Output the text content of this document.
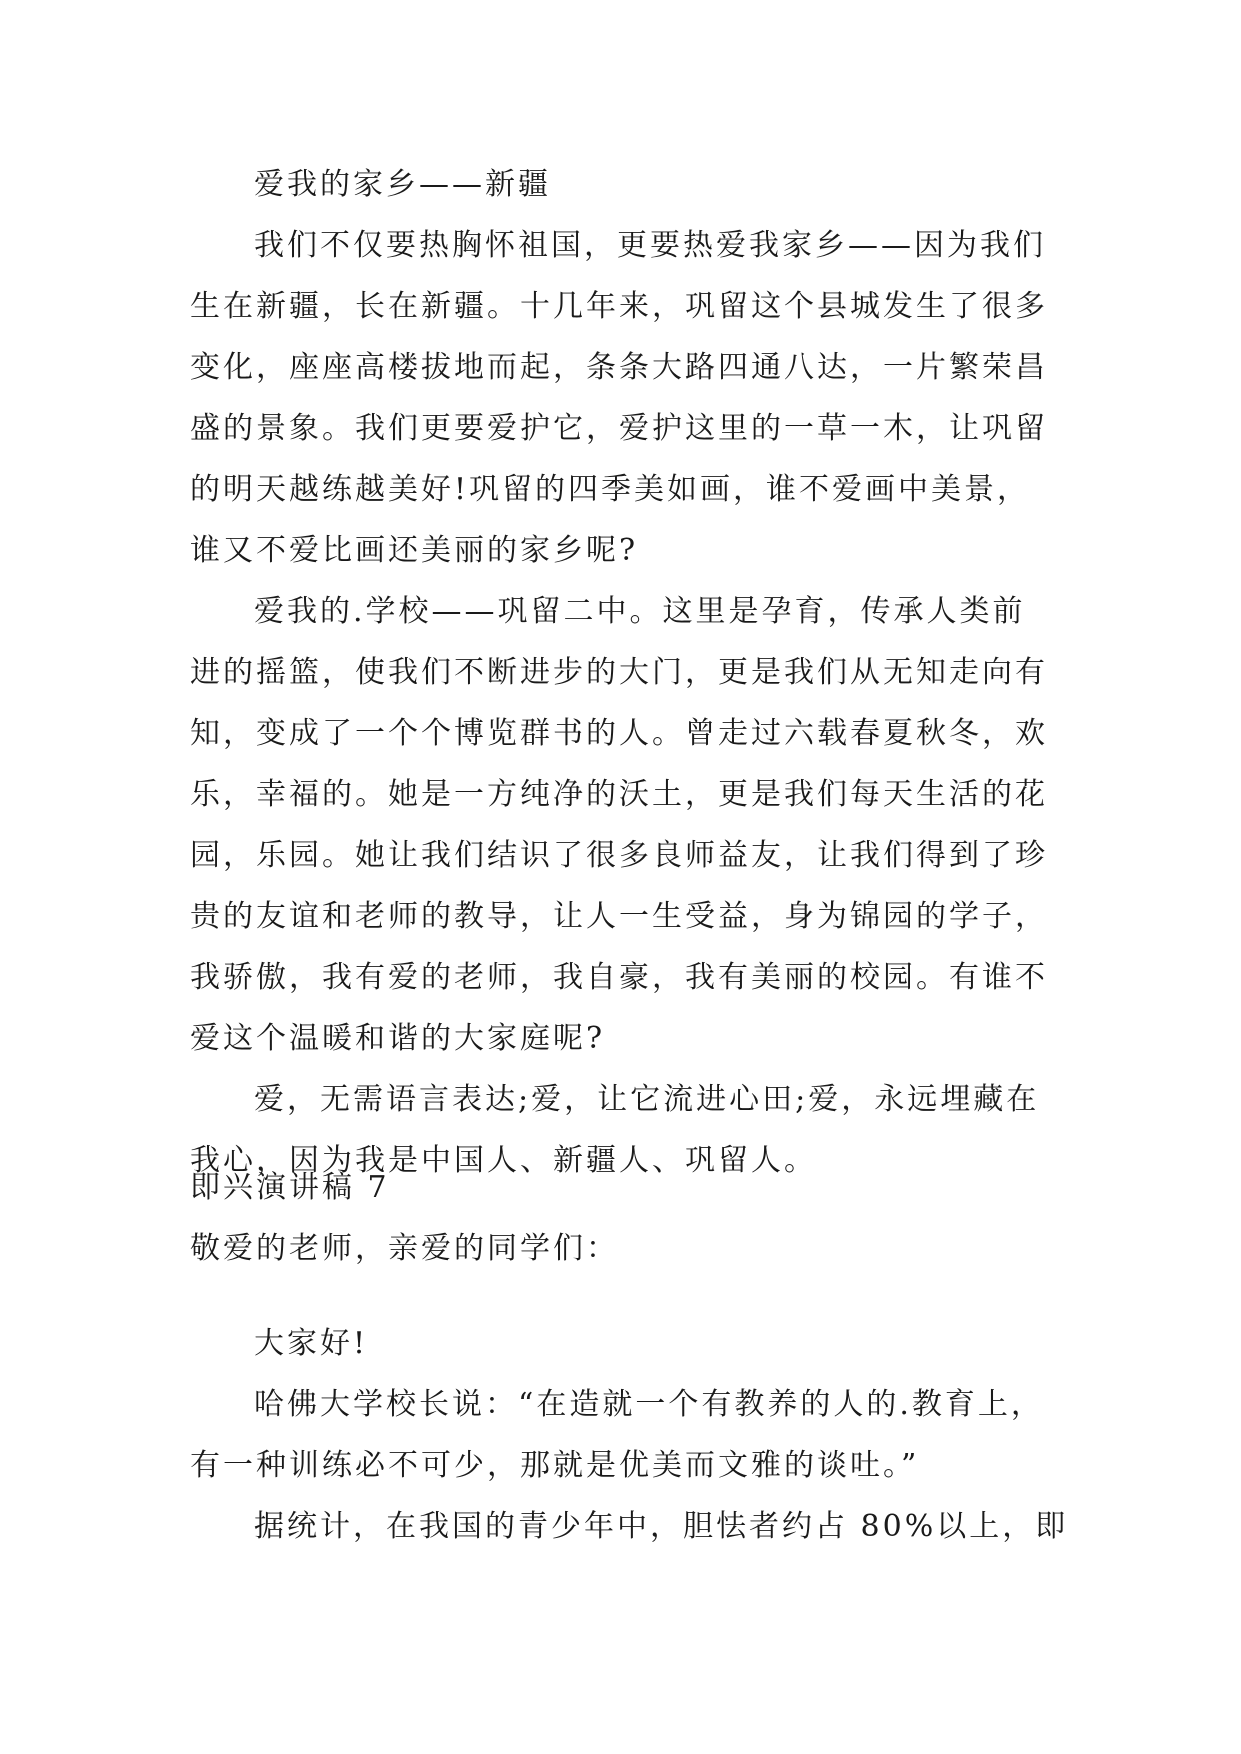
爱我的家乡——新疆
我们不仅要热胸怀祖国，更要热爱我家乡——因为我们
生在新疆，长在新疆。十几年来，巩留这个县城发生了很多
变化，座座高楼拔地而起，条条大路四通八达，一片繁荣昌
盛的景象。我们更要爱护它，爱护这里的一草一木，让巩留
的明天越练越美好!巩留的四季美如画，谁不爱画中美景，
谁又不爱比画还美丽的家乡呢?
爱我的.学校——巩留二中。这里是孕育，传承人类前
进的摇篮，使我们不断进步的大门，更是我们从无知走向有
知，变成了一个个博览群书的人。曾走过六载春夏秋冬，欢
乐，幸福的。她是一方纯净的沃土，更是我们每天生活的花
园，乐园。她让我们结识了很多良师益友，让我们得到了珍
贵的友谊和老师的教导，让人一生受益，身为锦园的学子，
我骄傲，我有爱的老师，我自豪，我有美丽的校园。有谁不
爱这个温暖和谐的大家庭呢?
爱，无需语言表达;爱，让它流进心田;爱，永远埋藏在
我心，因为我是中国人、新疆人、巩留人。
即兴演讲稿 7
敬爱的老师，亲爱的同学们：
大家好!
哈佛大学校长说：“在造就一个有教养的人的.教育上，
有一种训练必不可少，那就是优美而文雅的谈吐。”
据统计，在我国的青少年中，胆怯者约占 80%以上，即
